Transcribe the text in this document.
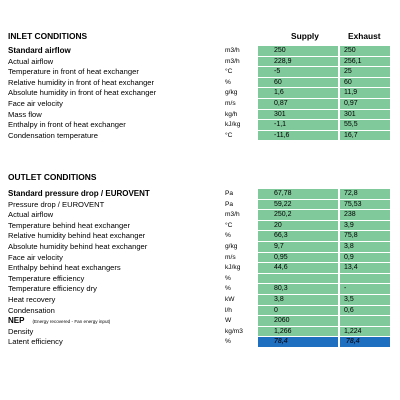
INLET CONDITIONS	Supply	Exhaust
Standard airflow	m3/h	250	250
Actual airflow	m3/h	228,9	256,1
Temperature in front of heat exchanger	°C	-5	25
Relative humidity in front of heat exchanger	%	60	60
Absolute humidity in front of heat exchanger	g/kg	1,6	11,9
Face air velocity	m/s	0,87	0,97
Mass flow	kg/h	301	301
Enthalpy in front of heat exchanger	kJ/kg	-1,1	55,5
Condensation temperature	°C	-11,6	16,7
OUTLET CONDITIONS
Standard pressure drop / EUROVENT	Pa	67,78	72,8
Pressure drop / EUROVENT	Pa	59,22	75,53
Actual airflow	m3/h	250,2	238
Temperature behind heat exchanger	°C	20	3,9
Relative humidity behind heat exchanger	%	66,3	75,8
Absolute humidity behind heat exchanger	g/kg	9,7	3,8
Face air velocity	m/s	0,95	0,9
Enthalpy behind heat exchangers	kJ/kg	44,6	13,4
Temperature efficiency	%
Temperature efficiency dry	%	80,3	-
Heat recovery	kW	3,8	3,5
Condensation	l/h	0	0,6
NEP (Energy recovered - Fan energy input)	W	2060
Density	kg/m3	1,266	1,224
Latent efficiency	%	78,4	78,4
